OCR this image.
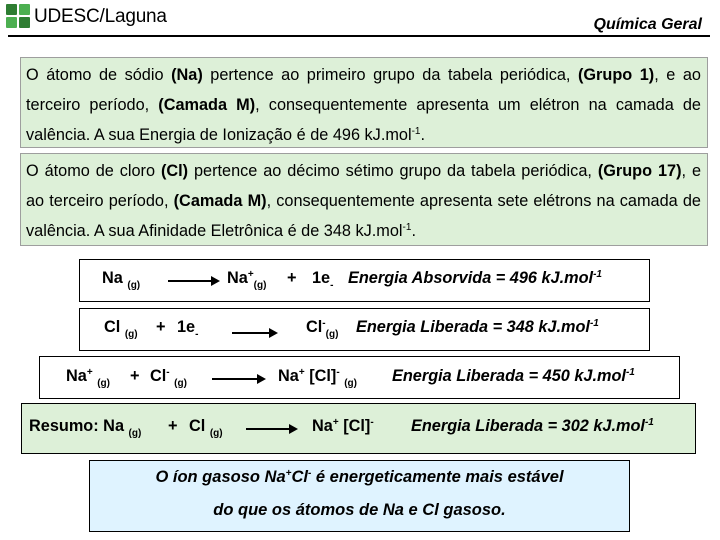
UDESC/Laguna	Química Geral
O átomo de sódio (Na) pertence ao primeiro grupo da tabela periódica, (Grupo 1), e ao terceiro período, (Camada M), consequentemente apresenta um elétron na camada de valência. A sua Energia de Ionização é de 496 kJ.mol$^{-1}$.
O átomo de cloro (Cl) pertence ao décimo sétimo grupo da tabela periódica, (Grupo 17), e ao terceiro período, (Camada M), consequentemente apresenta sete elétrons na camada de valência. A sua Afinidade Eletrônica é de 348 kJ.mol$^{-1}$.
Na $_{(g)} \to Na^+_{(g)} + 1e_-$ Energia Absorvida = 496 kJ.mol$^{-1}$
Cl $_{(g)} + 1e_-$	$Cl^-_{(g)}$ Energia Liberada = 348 kJ.mol$^{-1}$
Na+ $_{(g)}$ + Cl- $_{(g)}$ → Na+ [Cl]- $_{(g)}$ Energia Liberada = 450 kJ.mol$^{-1}$
Resumo: Na $_{(g)}$ + Cl $_{(g)}$ → Na+ [Cl]- Energia Liberada = 302 kJ.mol$^{-1}$
O íon gasoso Na+Cl- é energeticamente mais estável
do que os átomos de Na e Cl gasoso.
